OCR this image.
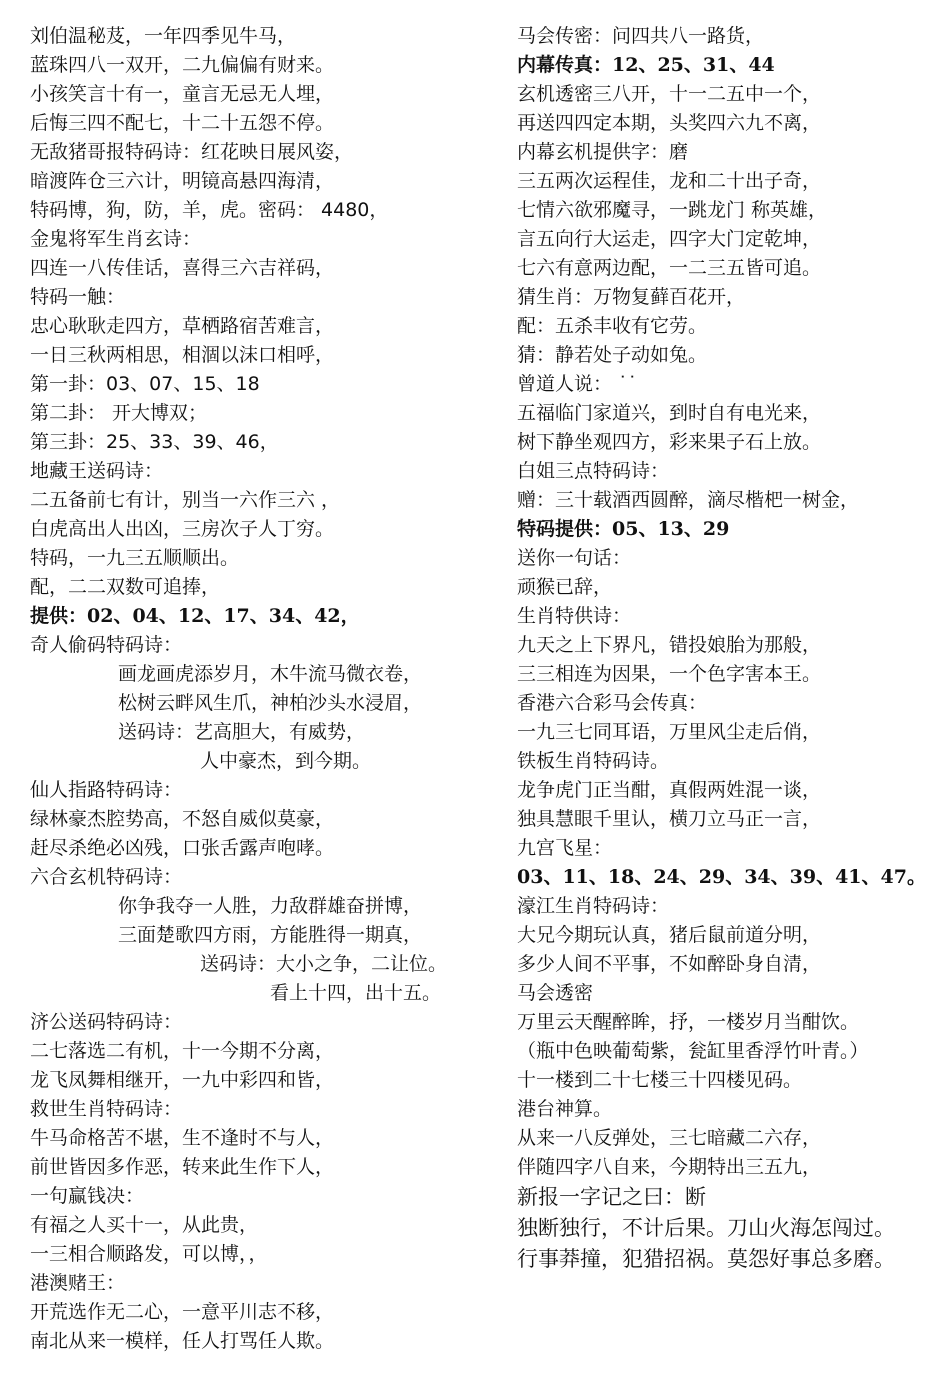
刘伯温秘芨，一年四季见牛马，
蓝珠四八一双开，二九偏偏有财来。
小孩笑言十有一，童言无忌无人埋，
后悔三四不配七，十二十五怨不停。
无敌猪哥报特码诗：红花映日展风姿，
暗渡阵仓三六计，明镜高悬四海清，
特码博，狗，防，羊，虎。密码： 4480，
金鬼将军生肖玄诗：
四连一八传佳话，喜得三六吉祥码，
特码一触：
忠心耿耿走四方，草栖路宿苦难言，
一日三秋两相思，相涸以沫口相呼，
第一卦：03、07、15、18
第二卦： 开大博双；
第三卦：25、33、39、46，
地藏王送码诗：
二五备前七有计，别当一六作三六 ，
白虎高出人出凶，三房次子人丁穷。
特码，一九三五顺顺出。
配，二二双数可追捧，
提供：02、04、12、17、34、42，
奇人偷码特码诗：
画龙画虎添岁月，木牛流马微衣卷，
松树云畔风生爪，神柏沙头水浸眉，
送码诗：艺高胆大，有威势，
人中豪杰，到今期。
仙人指路特码诗：
绿林豪杰腔势高，不怒自威似莫豪，
赶尽杀绝必凶残，口张舌露声咆哮。
六合玄机特码诗：
你争我夺一人胜，力敌群雄奋拼博，
三面楚歌四方雨，方能胜得一期真，
送码诗：大小之争，二让位。
看上十四，出十五。
济公送码特码诗：
二七落选二有机，十一今期不分离，
龙飞凤舞相继开，一九中彩四和皆，
救世生肖特码诗：
牛马命格苦不堪，生不逢时不与人，
前世皆因多作恶，转来此生作下人，
一句赢钱决：
有福之人买十一，从此贵，
一三相合顺路发，可以博，，
港澳赌王：
开荒选作无二心，一意平川志不移，
南北从来一模样，任人打骂任人欺。
马会传密：问四共八一路货，
内幕传真：12、25、31、44
玄机透密三八开，十一二五中一个，
再送四四定本期，头奖四六九不离，
内幕玄机提供字：磨
三五两次运程佳，龙和二十出子奇，
七情六欲邪魔寻，一跳龙门 称英雄，
言五向行大运走，四字大门定乾坤，
七六有意两边配，一二三五皆可追。
猜生肖：万物复藓百花开，
配：五杀丰收有它劳。
猜：静若处子动如兔。
曾道人说： ˙˙
五福临门家道兴，到时自有电光来，
树下静坐观四方，彩来果子石上放。
白姐三点特码诗：
赠：三十载酒西圆醉，滴尽楷杷一树金，
特码提供：05、13、29
送你一句话：
顽猴已辞，
生肖特供诗：
九天之上下界凡，错投娘胎为那般，
三三相连为因果，一个色字害本王。
香港六合彩马会传真：
一九三七同耳语，万里风尘走后俏，
铁板生肖特码诗。
龙争虎门正当酣，真假两姓混一谈，
独具慧眼千里认，横刀立马正一言，
九宫飞星：
03、11、18、24、29、34、39、41、47。
濠江生肖特码诗：
大兄今期玩认真，猪后鼠前道分明，
多少人间不平事，不如醉卧身自清，
马会透密
万里云天醒醉眸，抒，一楼岁月当酣饮。
（瓶中色映葡萄紫，瓮缸里香浮竹叶青。）
十一楼到二十七楼三十四楼见码。
港台神算。
从来一八反弹处，三七暗藏二六存，
伴随四字八自来，今期特出三五九，
新报一字记之曰：断
独断独行，不计后果。刀山火海怎闯过。
行事莽撞，犯猎招祸。莫怨好事总多磨。
